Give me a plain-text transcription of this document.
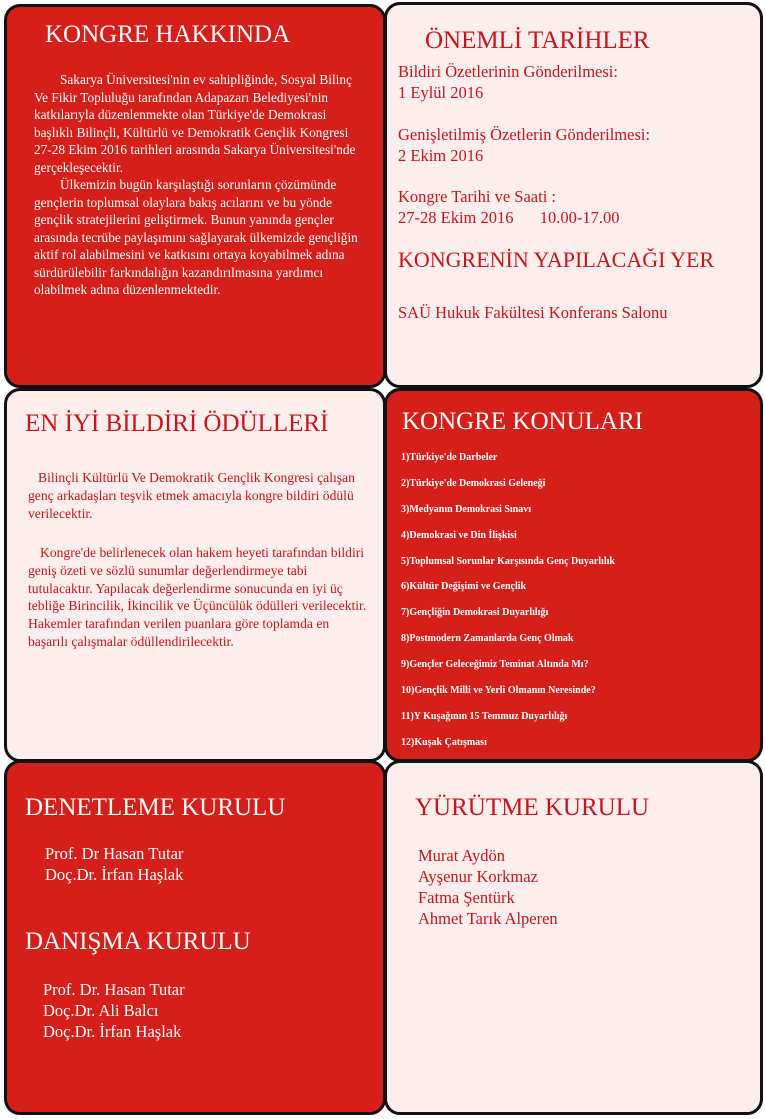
KONGRE HAKKINDA

Sakarya Üniversitesi'nin ev sahipliğinde, Sosyal Bilinç Ve Fikir Topluluğu tarafından Adapazarı Belediyesi'nin katkılarıyla düzenlenmekte olan Türkiye'de Demokrasi başlıklı Bilinçli, Kültürlü ve Demokratik Gençlik Kongresi 27-28 Ekim 2016 tarihleri arasında Sakarya Üniversitesi'nde gerçekleşecektir.

Ülkemizin bugün karşılaştığı sorunların çözümünde gençlerin toplumsal olaylara bakış acılarını ve bu yönde gençlik stratejilerini geliştirmek. Bunun yanında gençler arasında tecrübe paylaşımını sağlayarak ülkemizde gençliğin aktif rol alabilmesini ve katkısını ortaya koyabilmek adına sürdürülebilir farkındalığın kazandırılmasına yardımcı olabilmek adına düzenlenmektedir.

ÖNEMLİ TARİHLER
Bildiri Özetlerinin Gönderilmesi:
1 Eylül 2016
Genişletilmiş Özetlerin Gönderilmesi:
2 Ekim 2016
Kongre Tarihi ve Saati :
27-28 Ekim 2016 10.00-17.00
KONGRENİN YAPILACAĞI YER
SAÜ Hukuk Fakültesi Konferans Salonu
EN İYİ BİLDİRİ ÖDÜLLERİ

Bilinçli Kültürlü Ve Demokratik Gençlik Kongresi çalışan genç arkadaşları teşvik etmek amacıyla kongre bildiri ödülü verilecektir.

Kongre'de belirlenecek olan hakem heyeti tarafından bildiri geniş özeti ve sözlü sunumlar değerlendirmeye tabi tutulacaktır. Yapılacak değerlendirme sonucunda en iyi üç tebliğe Birincilik, İkincilik ve Üçüncülük ödülleri verilecektir. Hakemler tarafından verilen puanlara göre toplamda en başarılı çalışmalar ödüllendirilecektir.

KONGRE KONULARI
1)Türkiye'de Darbeler
2)Türkiye'de Demokrasi Geleneği
3)Medyanın Demokrasi Sınavı
4)Demokrasi ve Din İlişkisi
5)Toplumsal Sorunlar Karşısında Genç Duyarlılık
6)Kültür Değişimi ve Gençlik
7)Gençliğin Demokrasi Duyarlılığı
8)Postmodern Zamanlarda Genç Olmak
9)Gençler Geleceğimiz Teminat Altında Mı?
10)Gençlik Milli ve Yerli Olmanın Neresinde?
11)Y Kuşağının 15 Temmuz Duyarlılığı
12)Kuşak Çatışması
DENETLEME KURULU
Prof. Dr Hasan Tutar
Doç.Dr. İrfan Haşlak
DANIŞMA KURULU
Prof. Dr. Hasan Tutar
Doç.Dr. Ali Balcı
Doç.Dr. İrfan Haşlak
YÜRÜTME KURULU
Murat Aydön
Ayşenur Korkmaz
Fatma Şentürk
Ahmet Tarık Alperen
